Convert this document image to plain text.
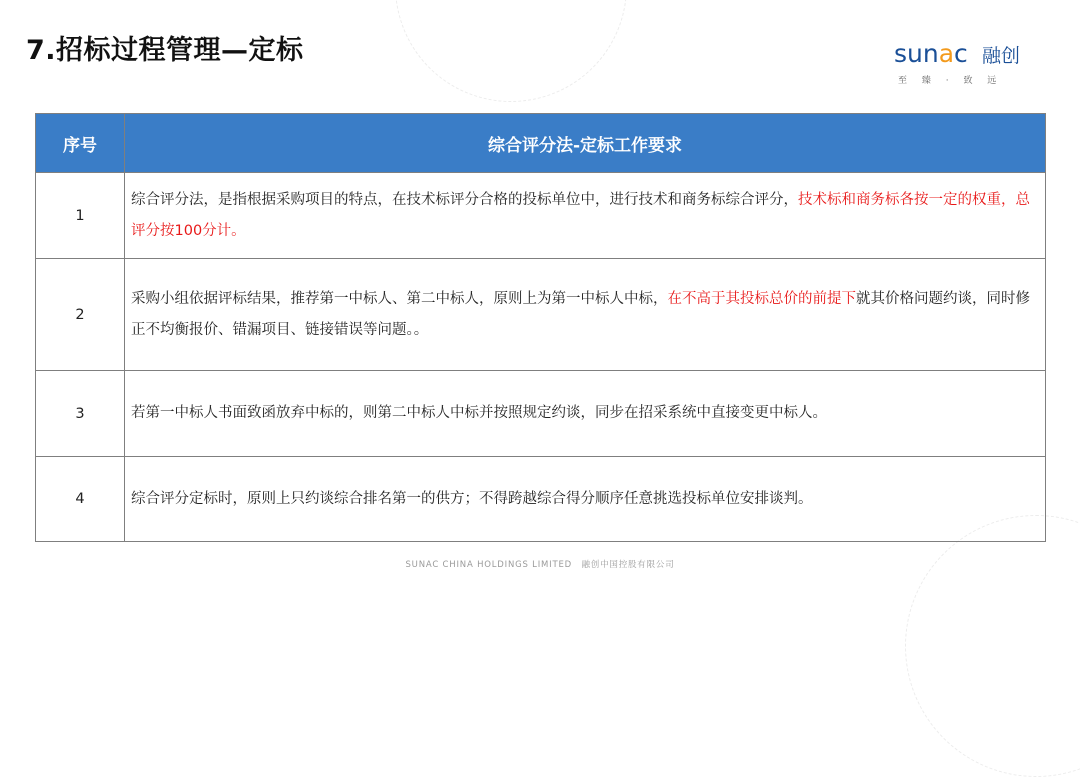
7.招标过程管理—定标	sunac 融创
至 臻 · 致 远
序号	综合评分法-定标工作要求
1	综合评分法，是指根据采购项目的特点，在技术标评分合格的投标单位中，进行技术和商务标综合评分，技术标和商务标各按一定的权重，总评分按100分计。
2	采购小组依据评标结果，推荐第一中标人、第二中标人，原则上为第一中标人中标，在不高于其投标总价的前提下就其价格问题约谈，同时修正不均衡报价、错漏项目、链接错误等问题。。
3	若第一中标人书面致函放弃中标的，则第二中标人中标并按照规定约谈，同步在招采系统中直接变更中标人。
4	综合评分定标时，原则上只约谈综合排名第一的供方；不得跨越综合得分顺序任意挑选投标单位安排谈判。
SUNAC CHINA HOLDINGS LIMITED 融创中国控股有限公司
